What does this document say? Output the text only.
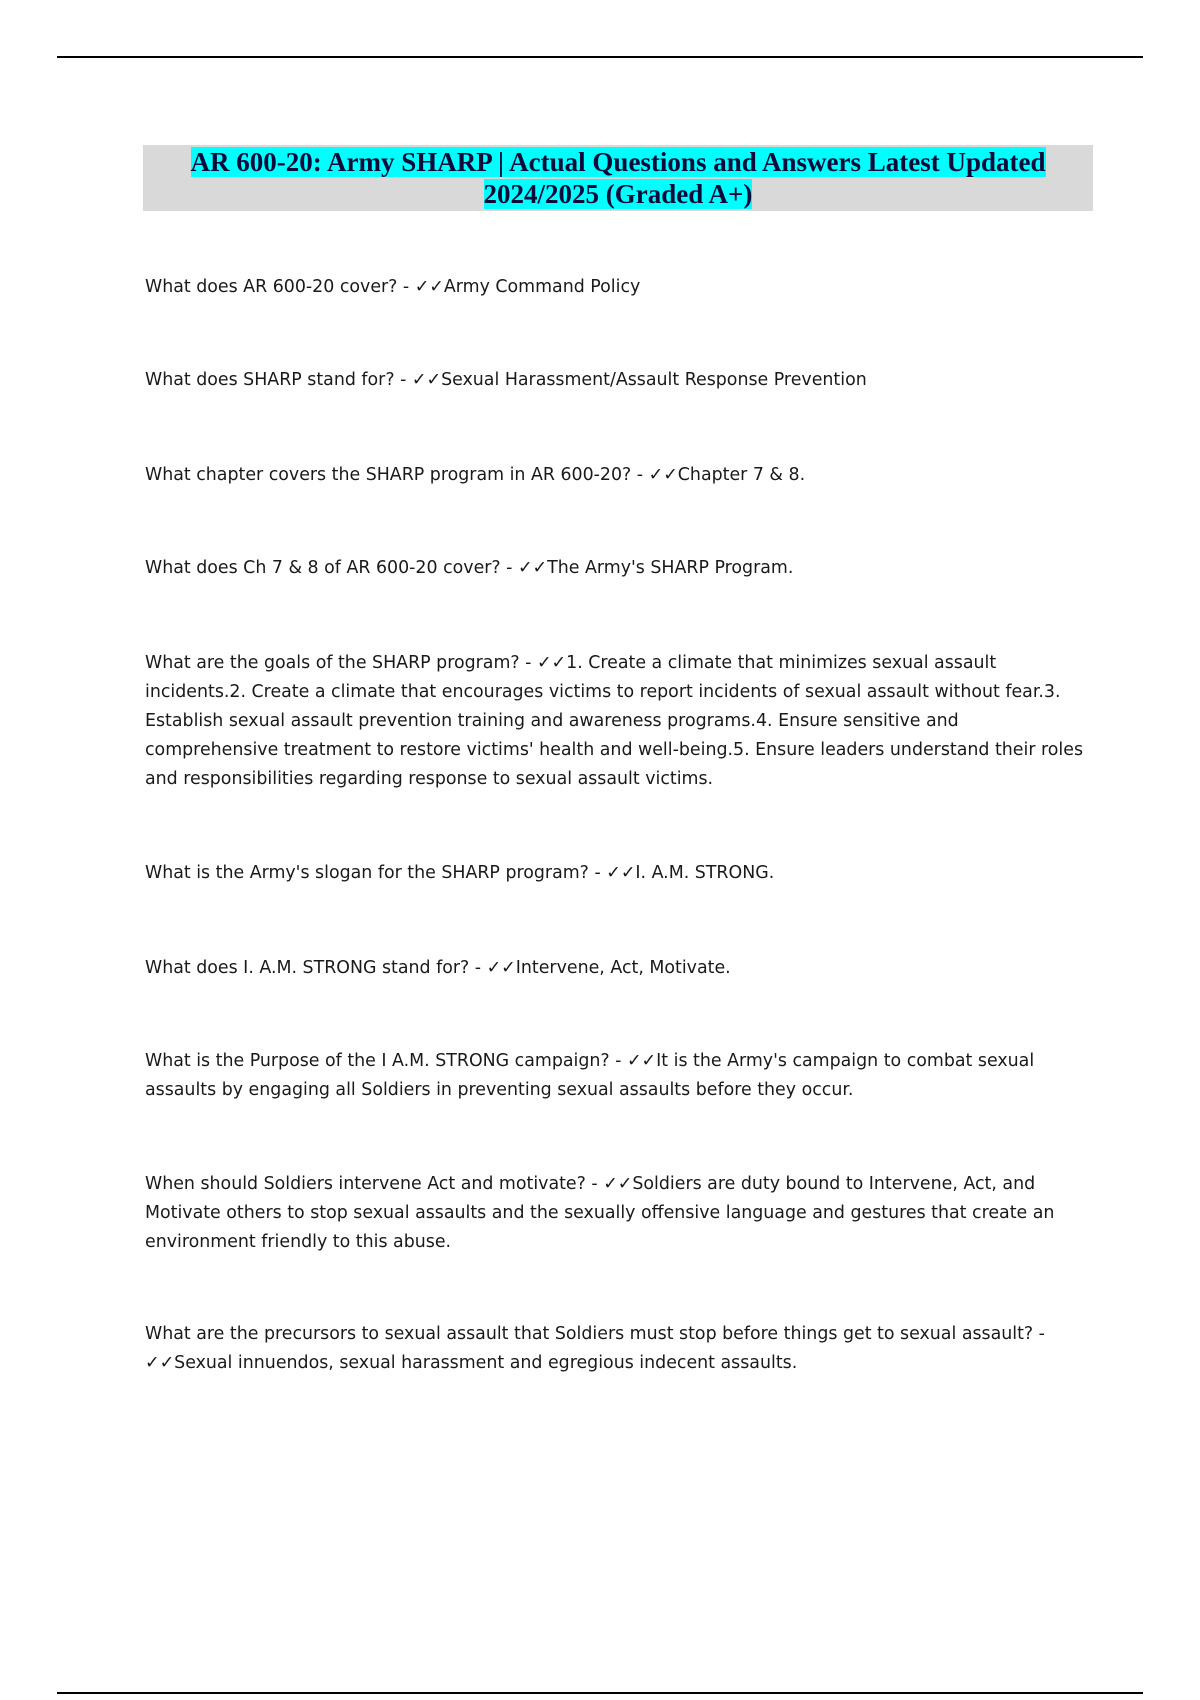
AR 600-20: Army SHARP | Actual Questions and Answers Latest Updated
2024/2025 (Graded A+)

What does AR 600-20 cover? - ✓✓Army Command Policy

What does SHARP stand for? - ✓✓Sexual Harassment/Assault Response Prevention

What chapter covers the SHARP program in AR 600-20? - ✓✓Chapter 7 & 8.

What does Ch 7 & 8 of AR 600-20 cover? - ✓✓The Army's SHARP Program.

What are the goals of the SHARP program? - ✓✓1. Create a climate that minimizes sexual assault incidents.2. Create a climate that encourages victims to report incidents of sexual assault without fear.3. Establish sexual assault prevention training and awareness programs.4. Ensure sensitive and comprehensive treatment to restore victims' health and well-being.5. Ensure leaders understand their roles and responsibilities regarding response to sexual assault victims.

What is the Army's slogan for the SHARP program? - ✓✓I. A.M. STRONG.

What does I. A.M. STRONG stand for? - ✓✓Intervene, Act, Motivate.

What is the Purpose of the I A.M. STRONG campaign? - ✓✓It is the Army's campaign to combat sexual assaults by engaging all Soldiers in preventing sexual assaults before they occur.

When should Soldiers intervene Act and motivate? - ✓✓Soldiers are duty bound to Intervene, Act, and Motivate others to stop sexual assaults and the sexually offensive language and gestures that create an environment friendly to this abuse.

What are the precursors to sexual assault that Soldiers must stop before things get to sexual assault? - ✓✓Sexual innuendos, sexual harassment and egregious indecent assaults.
